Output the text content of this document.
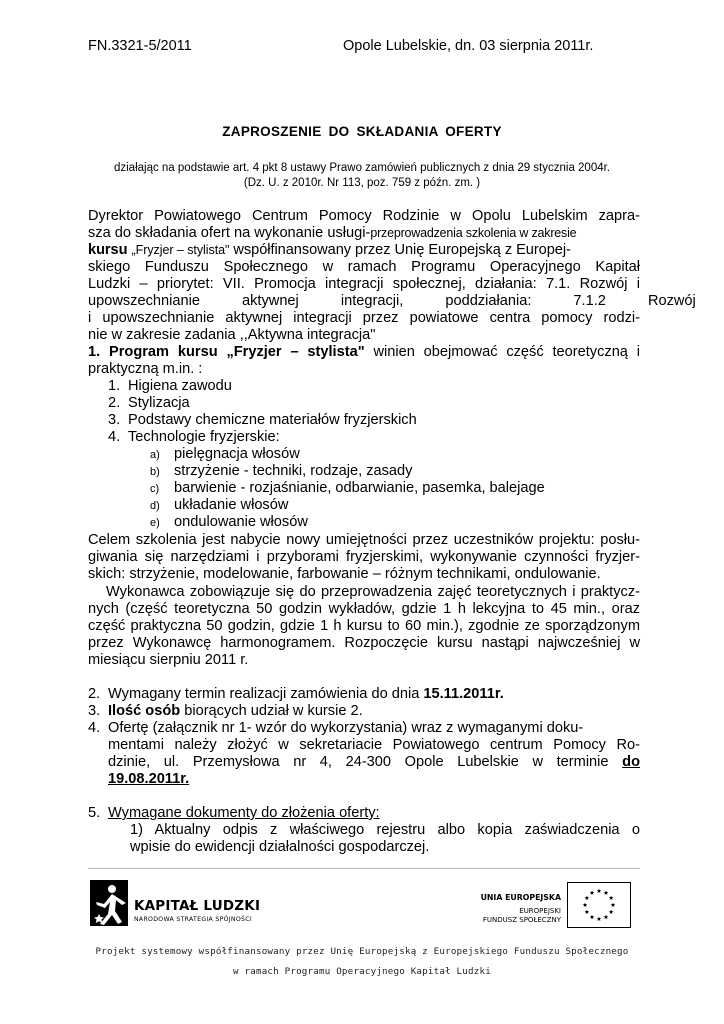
FN.3321-5/2011	Opole Lubelskie, dn. 03 sierpnia 2011r.
ZAPROSZENIE DO SKŁADANIA OFERTY
działając na podstawie art. 4 pkt 8 ustawy Prawo zamówień publicznych z dnia 29 stycznia 2004r.
(Dz. U. z 2010r. Nr 113, poz. 759 z późn. zm. )
Dyrektor Powiatowego Centrum Pomocy Rodzinie w Opolu Lubelskim zapra-
sza do składania ofert na wykonanie usługi-przeprowadzenia szkolenia w zakresie
kursu „Fryzjer – stylista" współfinansowany przez Unię Europejską z Europej-
skiego Funduszu Społecznego w ramach Programu Operacyjnego Kapitał
Ludzki – priorytet: VII. Promocja integracji społecznej, działania: 7.1. Rozwój i
upowszechnianie aktywnej integracji, poddziałania: 7.1.2 Rozwój
i upowszechnianie aktywnej integracji przez powiatowe centra pomocy rodzi-
nie w zakresie zadania ,,Aktywna integracja"
1. Program kursu „Fryzjer – stylista" winien obejmować część teoretyczną i
praktyczną m.in. :
1. Higiena zawodu
2. Stylizacja
3. Podstawy chemiczne materiałów fryzjerskich
4. Technologie fryzjerskie:
a) pielęgnacja włosów
b) strzyżenie - techniki, rodzaje, zasady
c) barwienie - rozjaśnianie, odbarwianie, pasemka, balejage
d) układanie włosów
e) ondulowanie włosów
Celem szkolenia jest nabycie nowy umiejętności przez uczestników projektu: posłu-
giwania się narzędziami i przyborami fryzjerskimi, wykonywanie czynności fryzjer-
skich: strzyżenie, modelowanie, farbowanie – różnym technikami, ondulowanie.
Wykonawca zobowiązuje się do przeprowadzenia zajęć teoretycznych i praktycz-
nych (część teoretyczna 50 godzin wykładów, gdzie 1 h lekcyjna to 45 min., oraz
część praktyczna 50 godzin, gdzie 1 h kursu to 60 min.), zgodnie ze sporządzonym
przez Wykonawcę harmonogramem. Rozpoczęcie kursu nastąpi najwcześniej w
miesiącu sierpniu 2011 r.
2. Wymagany termin realizacji zamówienia do dnia 15.11.2011r.
3. Ilość osób biorących udział w kursie 2.
4. Ofertę (załącznik nr 1- wzór do wykorzystania) wraz z wymaganymi doku-
mentami należy złożyć w sekretariacie Powiatowego centrum Pomocy Ro-
dzinie, ul. Przemysłowa nr 4, 24-300 Opole Lubelskie w terminie do
19.08.2011r.
5. Wymagane dokumenty do złożenia oferty:
1) Aktualny odpis z właściwego rejestru albo kopia zaświadczenia o
wpisie do ewidencji działalności gospodarczej.
KAPITAŁ LUDZKI
NARODOWA STRATEGIA SPÓJNOŚCI
UNIA EUROPEJSKA
EUROPEJSKI
FUNDUSZ SPOŁECZNY
Projekt systemowy współfinansowany przez Unię Europejską z Europejskiego Funduszu Społecznego
w ramach Programu Operacyjnego Kapitał Ludzki
